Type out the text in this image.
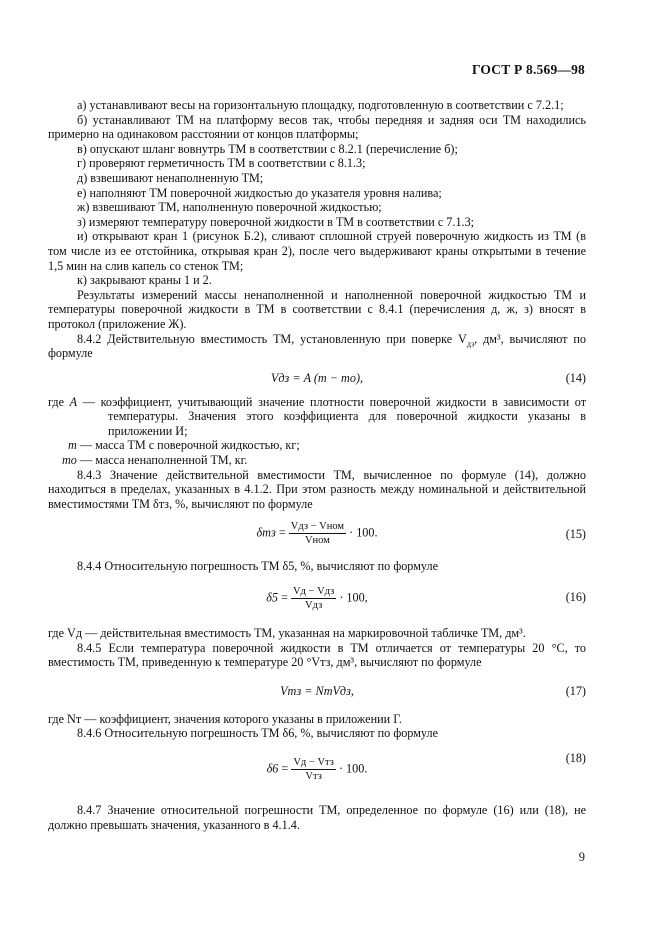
ГОСТ Р 8.569—98

а) устанавливают весы на горизонтальную площадку, подготовленную в соответствии с 7.2.1;

б) устанавливают ТМ на платформу весов так, чтобы передняя и задняя оси ТМ находились примерно на одинаковом расстоянии от концов платформы;

в) опускают шланг вовнутрь ТМ в соответствии с 8.2.1 (перечисление б);

г) проверяют герметичность ТМ в соответствии с 8.1.3;

д) взвешивают ненаполненную ТМ;

е) наполняют ТМ поверочной жидкостью до указателя уровня налива;

ж) взвешивают ТМ, наполненную поверочной жидкостью;

з) измеряют температуру поверочной жидкости в ТМ в соответствии с 7.1.3;

и) открывают кран 1 (рисунок Б.2), сливают сплошной струей поверочную жидкость из ТМ (в том числе из ее отстойника, открывая кран 2), после чего выдерживают краны открытыми в течение 1,5 мин на слив капель со стенок ТМ;

к) закрывают краны 1 и 2.

Результаты измерений массы ненаполненной и наполненной поверочной жидкостью ТМ и температуры поверочной жидкости в ТМ в соответствии с 8.4.1 (перечисления д, ж, з) вносят в протокол (приложение Ж).

8.4.2 Действительную вместимость ТМ, установленную при поверке $V_{дз}$, дм³, вычисляют по формуле

Vдз = A (m − mо),	(14)

где A — коэффициент, учитывающий значение плотности поверочной жидкости в зависимости от температуры. Значения этого коэффициента для поверочной жидкости указаны в приложении И;

m — масса ТМ с поверочной жидкостью, кг;

mо — масса ненаполненной ТМ, кг.

8.4.3 Значение действительной вместимости ТМ, вычисленное по формуле (14), должно находиться в пределах, указанных в 4.1.2. При этом разность между номинальной и действительной вместимостями ТМ δтз, %, вычисляют по формуле

$\delta тз = \frac{\text{Vдз − Vном}}{\text{Vном}} \cdot 100$.	(15)

8.4.4 Относительную погрешность ТМ δ5, %, вычисляют по формуле

$\delta 5 = \frac{\text{Vд − Vдз}}{\text{Vдз}} \cdot 100$,	(16)

где Vд — действительная вместимость ТМ, указанная на маркировочной табличке ТМ, дм³.

8.4.5 Если температура поверочной жидкости в ТМ отличается от температуры 20 °С, то вместимость ТМ, приведенную к температуре 20 °Vтз, дм³, вычисляют по формуле

Vтз = NтVдз,	(17)

где Nт — коэффициент, значения которого указаны в приложении Г.

8.4.6 Относительную погрешность ТМ δ6, %, вычисляют по формуле

$\delta 6 = \frac{\text{Vд − Vтз}}{\text{Vтз}} \cdot 100$.
(18)

8.4.7 Значение относительной погрешности ТМ, определенное по формуле (16) или (18), не должно превышать значения, указанного в 4.1.4.

9
